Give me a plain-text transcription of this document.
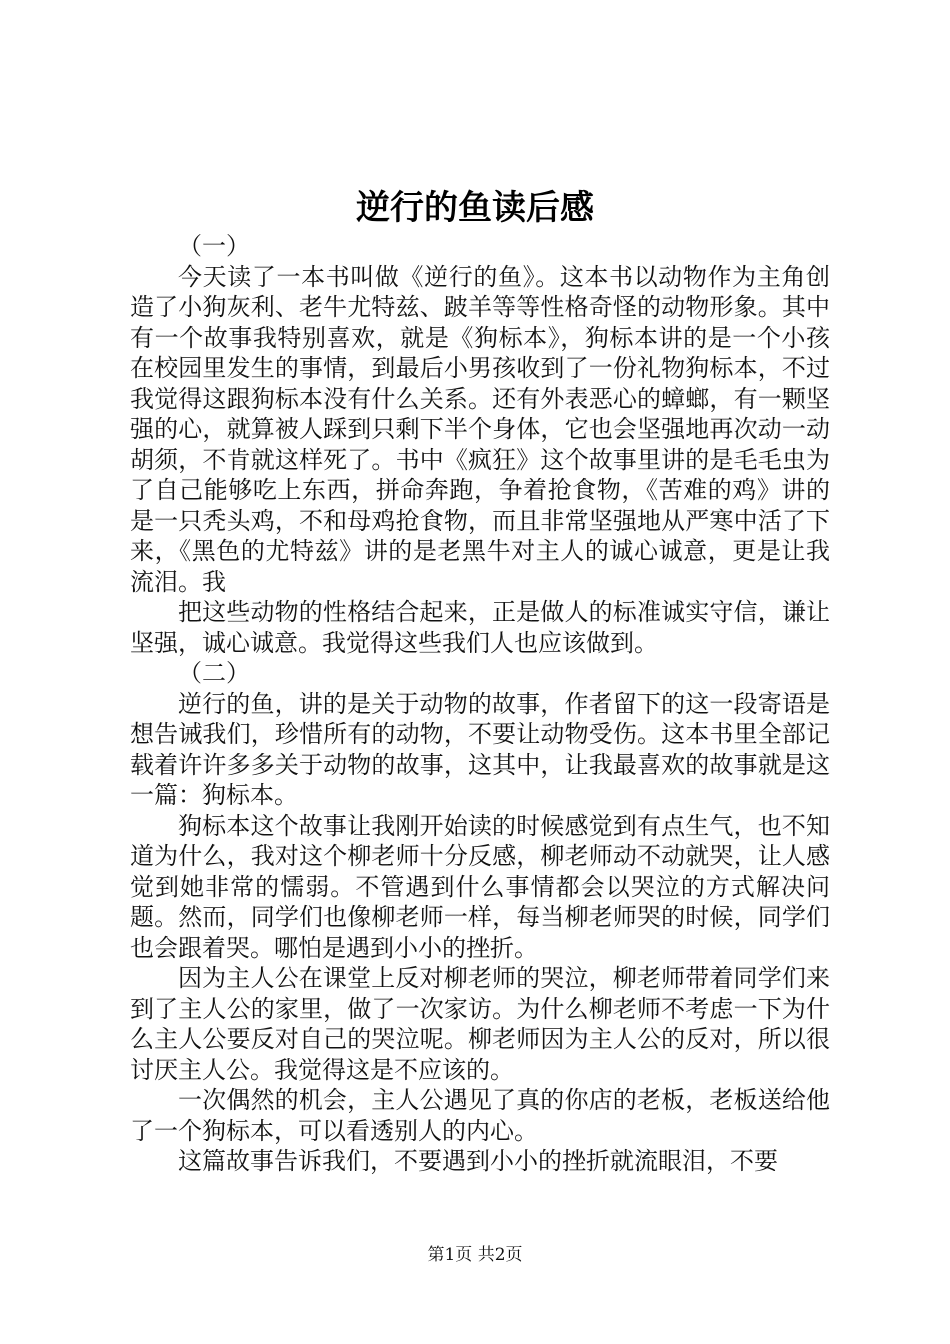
逆行的鱼读后感

（一）

今天读了一本书叫做《逆行的鱼》。这本书以动物作为主角创造了小狗灰利、老牛尤特兹、跛羊等等性格奇怪的动物形象。其中有一个故事我特别喜欢，就是《狗标本》，狗标本讲的是一个小孩在校园里发生的事情，到最后小男孩收到了一份礼物狗标本，不过我觉得这跟狗标本没有什么关系。还有外表恶心的蟑螂，有一颗坚强的心，就算被人踩到只剩下半个身体，它也会坚强地再次动一动胡须，不肯就这样死了。书中《疯狂》这个故事里讲的是毛毛虫为了自己能够吃上东西，拼命奔跑，争着抢食物，《苦难的鸡》讲的是一只秃头鸡，不和母鸡抢食物，而且非常坚强地从严寒中活了下来，《黑色的尤特兹》讲的是老黑牛对主人的诚心诚意，更是让我流泪。我

把这些动物的性格结合起来，正是做人的标准诚实守信，谦让坚强，诚心诚意。我觉得这些我们人也应该做到。

（二）

逆行的鱼，讲的是关于动物的故事，作者留下的这一段寄语是想告诫我们，珍惜所有的动物，不要让动物受伤。这本书里全部记载着许许多多关于动物的故事，这其中，让我最喜欢的故事就是这一篇：狗标本。

狗标本这个故事让我刚开始读的时候感觉到有点生气，也不知道为什么，我对这个柳老师十分反感，柳老师动不动就哭，让人感觉到她非常的懦弱。不管遇到什么事情都会以哭泣的方式解决问题。然而，同学们也像柳老师一样，每当柳老师哭的时候，同学们也会跟着哭。哪怕是遇到小小的挫折。

因为主人公在课堂上反对柳老师的哭泣，柳老师带着同学们来到了主人公的家里，做了一次家访。为什么柳老师不考虑一下为什么主人公要反对自己的哭泣呢。柳老师因为主人公的反对，所以很讨厌主人公。我觉得这是不应该的。

一次偶然的机会，主人公遇见了真的你店的老板，老板送给他了一个狗标本，可以看透别人的内心。

这篇故事告诉我们，不要遇到小小的挫折就流眼泪，不要

第1页 共2页
